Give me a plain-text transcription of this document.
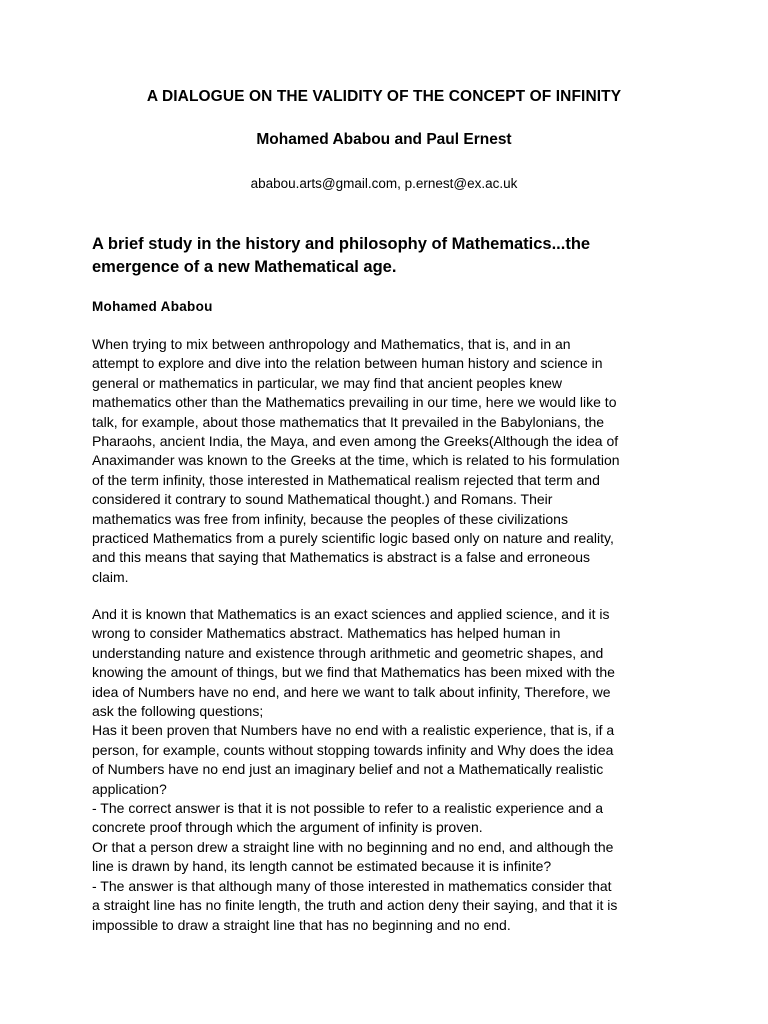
A DIALOGUE ON THE VALIDITY OF THE CONCEPT OF INFINITY
Mohamed Ababou and Paul Ernest
ababou.arts@gmail.com, p.ernest@ex.ac.uk
A brief study in the history and philosophy of Mathematics...the
emergence of a new Mathematical age.
Mohamed Ababou
When trying to mix between anthropology and Mathematics, that is, and in an
attempt to explore and dive into the relation between human history and science in
general or mathematics in particular, we may find that ancient peoples knew
mathematics other than the Mathematics prevailing in our time, here we would like to
talk, for example, about those mathematics that It prevailed in the Babylonians, the
Pharaohs, ancient India, the Maya, and even among the Greeks(Although the idea of
Anaximander was known to the Greeks at the time, which is related to his formulation
of the term infinity, those interested in Mathematical realism rejected that term and
considered it contrary to sound Mathematical thought.) and Romans. Their
mathematics was free from infinity, because the peoples of these civilizations
practiced Mathematics from a purely scientific logic based only on nature and reality,
and this means that saying that Mathematics is abstract is a false and erroneous
claim.
And it is known that Mathematics is an exact sciences and applied science, and it is
wrong to consider Mathematics abstract. Mathematics has helped human in
understanding nature and existence through arithmetic and geometric shapes, and
knowing the amount of things, but we find that Mathematics has been mixed with the
idea of Numbers have no end, and here we want to talk about infinity, Therefore, we
ask the following questions;
Has it been proven that Numbers have no end with a realistic experience, that is, if a
person, for example, counts without stopping towards infinity and Why does the idea
of Numbers have no end just an imaginary belief and not a Mathematically realistic
application?
- The correct answer is that it is not possible to refer to a realistic experience and a
concrete proof through which the argument of infinity is proven.
Or that a person drew a straight line with no beginning and no end, and although the
line is drawn by hand, its length cannot be estimated because it is infinite?
- The answer is that although many of those interested in mathematics consider that
a straight line has no finite length, the truth and action deny their saying, and that it is
impossible to draw a straight line that has no beginning and no end.
